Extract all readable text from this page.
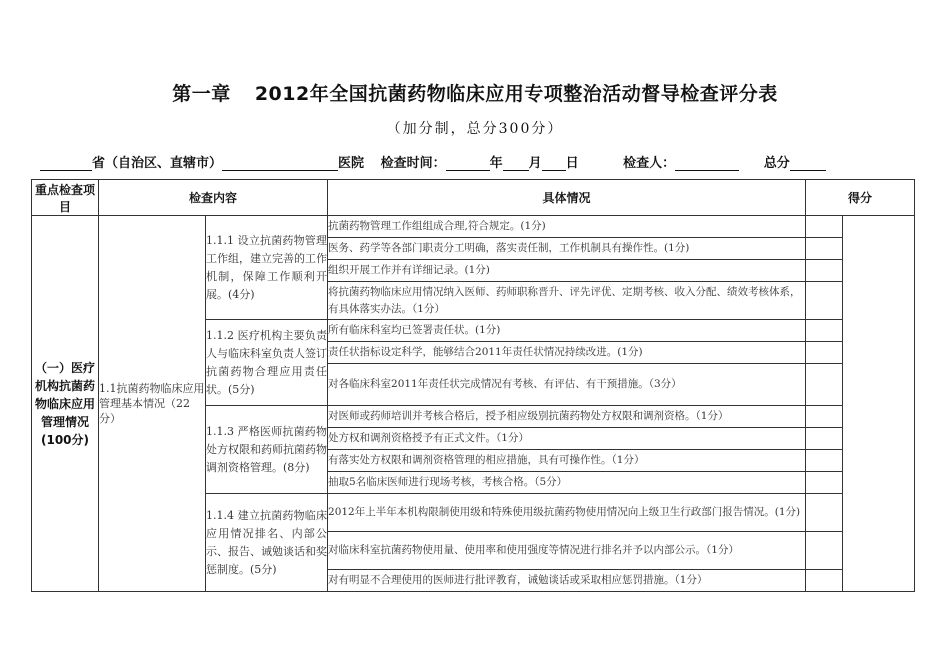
第一章 2012年全国抗菌药物临床应用专项整治活动督导检查评分表
（加分制，总分300分）
省（自治区、直辖市）	医院 检查时间：	年 月 日	检查人：	总分
重点检查项目	检查内容		具体情况	得分	
（一）医疗机构抗菌药物临床应用管理情况(100分)	1.1抗菌药物临床应用管理基本情况（22分）	1.1.1 设立抗菌药物管理工作组，建立完善的工作机制，保障工作顺利开展。(4分)	抗菌药物管理工作组组成合理,符合规定。(1分)		
			医务、药学等各部门职责分工明确，落实责任制，工作机制具有操作性。(1分)		
			组织开展工作并有详细记录。(1分)		
			将抗菌药物临床应用情况纳入医师、药师职称晋升、评先评优、定期考核、收入分配、绩效考核体系，有具体落实办法。（1分）		
		1.1.2 医疗机构主要负责人与临床科室负责人签订抗菌药物合理应用责任状。(5分)	所有临床科室均已签署责任状。(1分)		
			责任状指标设定科学，能够结合2011年责任状情况持续改进。(1分)		
			对各临床科室2011年责任状完成情况有考核、有评估、有干预措施。（3分）		
		1.1.3 严格医师抗菌药物处方权限和药师抗菌药物调剂资格管理。(8分)	对医师或药师培训并考核合格后，授予相应级别抗菌药物处方权限和调剂资格。（1分）		
			处方权和调剂资格授予有正式文件。（1分）		
			有落实处方权限和调剂资格管理的相应措施，具有可操作性。（1分）		
			抽取5名临床医师进行现场考核，考核合格。（5分）		
		1.1.4 建立抗菌药物临床应用情况排名、内部公示、报告、诫勉谈话和奖惩制度。(5分)	2012年上半年本机构限制使用级和特殊使用级抗菌药物使用情况向上级卫生行政部门报告情况。(1分)		
			对临床科室抗菌药物使用量、使用率和使用强度等情况进行排名并予以内部公示。（1分）		
			对有明显不合理使用的医师进行批评教育，诫勉谈话或采取相应惩罚措施。（1分）		
